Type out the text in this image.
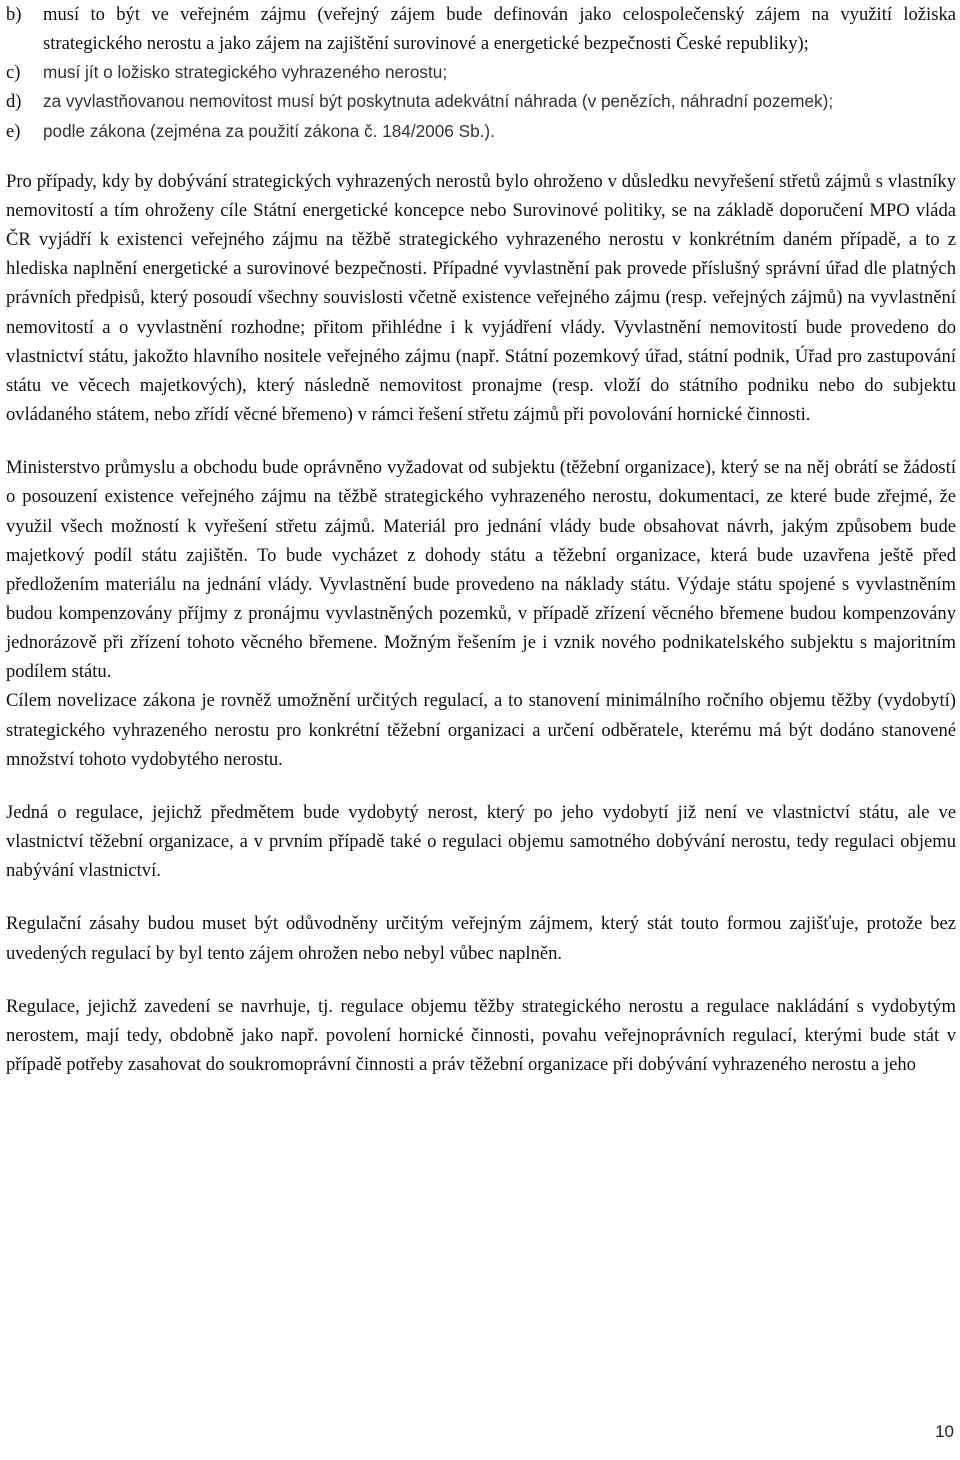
b)	musí to být ve veřejném zájmu (veřejný zájem bude definován jako celospolečenský zájem na využití ložiska strategického nerostu a jako zájem na zajištění surovinové a energetické bezpečnosti České republiky);

c)	musí jít o ložisko strategického vyhrazeného nerostu;

d)	za vyvlastňovanou nemovitost musí být poskytnuta adekvátní náhrada (v penězích, náhradní pozemek);

e)	podle zákona (zejména za použití zákona č. 184/2006 Sb.).

Pro případy, kdy by dobývání strategických vyhrazených nerostů bylo ohroženo v důsledku nevyřešení střetů zájmů s vlastníky nemovitostí a tím ohroženy cíle Státní energetické koncepce nebo Surovinové politiky, se na základě doporučení MPO vláda ČR vyjádří k existenci veřejného zájmu na těžbě strategického vyhrazeného nerostu v konkrétním daném případě, a to z hlediska naplnění energetické a surovinové bezpečnosti. Případné vyvlastnění pak provede příslušný správní úřad dle platných právních předpisů, který posoudí všechny souvislosti včetně existence veřejného zájmu (resp. veřejných zájmů) na vyvlastnění nemovitostí a o vyvlastnění rozhodne; přitom přihlédne i k vyjádření vlády. Vyvlastnění nemovitostí bude provedeno do vlastnictví státu, jakožto hlavního nositele veřejného zájmu (např. Státní pozemkový úřad, státní podnik, Úřad pro zastupování státu ve věcech majetkových), který následně nemovitost pronajme (resp. vloží do státního podniku nebo do subjektu ovládaného státem, nebo zřídí věcné břemeno) v rámci řešení střetu zájmů při povolování hornické činnosti.

Ministerstvo průmyslu a obchodu bude oprávněno vyžadovat od subjektu (těžební organizace), který se na něj obrátí se žádostí o posouzení existence veřejného zájmu na těžbě strategického vyhrazeného nerostu, dokumentaci, ze které bude zřejmé, že využil všech možností k vyřešení střetu zájmů. Materiál pro jednání vlády bude obsahovat návrh, jakým způsobem bude majetkový podíl státu zajištěn. To bude vycházet z dohody státu a těžební organizace, která bude uzavřena ještě před předložením materiálu na jednání vlády. Vyvlastnění bude provedeno na náklady státu. Výdaje státu spojené s vyvlastněním budou kompenzovány příjmy z pronájmu vyvlastněných pozemků, v případě zřízení věcného břemene budou kompenzovány jednorázově při zřízení tohoto věcného břemene. Možným řešením je i vznik nového podnikatelského subjektu s majoritním podílem státu.

Cílem novelizace zákona je rovněž umožnění určitých regulací, a to stanovení minimálního ročního objemu těžby (vydobytí) strategického vyhrazeného nerostu pro konkrétní těžební organizaci a určení odběratele, kterému má být dodáno stanovené množství tohoto vydobytého nerostu.

Jedná o regulace, jejichž předmětem bude vydobytý nerost, který po jeho vydobytí již není ve vlastnictví státu, ale ve vlastnictví těžební organizace, a v prvním případě také o regulaci objemu samotného dobývání nerostu, tedy regulaci objemu nabývání vlastnictví.

Regulační zásahy budou muset být odůvodněny určitým veřejným zájmem, který stát touto formou zajišťuje, protože bez uvedených regulací by byl tento zájem ohrožen nebo nebyl vůbec naplněn.

Regulace, jejichž zavedení se navrhuje, tj. regulace objemu těžby strategického nerostu a regulace nakládání s vydobytým nerostem, mají tedy, obdobně jako např. povolení hornické činnosti, povahu veřejnoprávních regulací, kterými bude stát v případě potřeby zasahovat do soukromoprávní činnosti a práv těžební organizace při dobývání vyhrazeného nerostu a jeho

10
